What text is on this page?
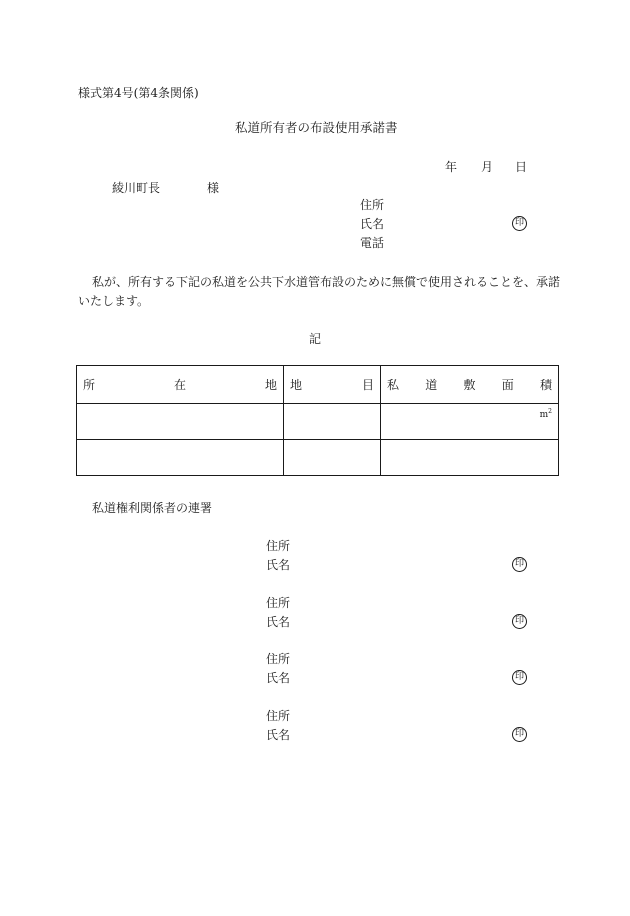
様式第4号(第4条関係)
私道所有者の布設使用承諾書
年 月 日
綾川町長	様
住所
氏名	印
電話
私が、所有する下記の私道を公共下水道管布設のために無償で使用されることを、承諾
いたします。
記
所 在 地	地 目	私 道 敷 面 積

		$m^2$

私道権利関係者の連署
住所
氏名	印
住所
氏名	印
住所
氏名	印
住所
氏名	印
